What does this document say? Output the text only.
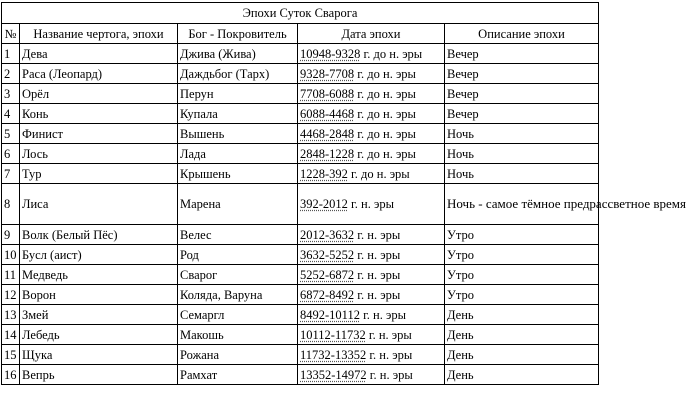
Эпохи Суток Сварога				
№	Название чертога, эпохи	Бог - Покровитель	Дата эпохи	Описание эпохи
1	Дева	Джива (Жива)	10948-9328 г. до н. эры	Вечер
2	Раса (Леопард)	Даждьбог (Тарх)	9328-7708 г. до н. эры	Вечер
3	Орёл	Перун	7708-6088 г. до н. эры	Вечер
4	Конь	Купала	6088-4468 г. до н. эры	Вечер
5	Финист	Вышень	4468-2848 г. до н. эры	Ночь
6	Лось	Лада	2848-1228 г. до н. эры	Ночь
7	Тур	Крышень	1228-392 г. до н. эры	Ночь
8	Лиса	Марена	392-2012 г. н. эры	Ночь - самое тёмное предрассветное время
9	Волк (Белый Пёс)	Велес	2012-3632 г. н. эры	Утро
10	Бусл (аист)	Род	3632-5252 г. н. эры	Утро
11	Медведь	Сварог	5252-6872 г. н. эры	Утро
12	Ворон	Коляда, Варуна	6872-8492 г. н. эры	Утро
13	Змей	Семаргл	8492-10112 г. н. эры	День
14	Лебедь	Макошь	10112-11732 г. н. эры	День
15	Щука	Рожана	11732-13352 г. н. эры	День
16	Вепрь	Рамхат	13352-14972 г. н. эры	День
